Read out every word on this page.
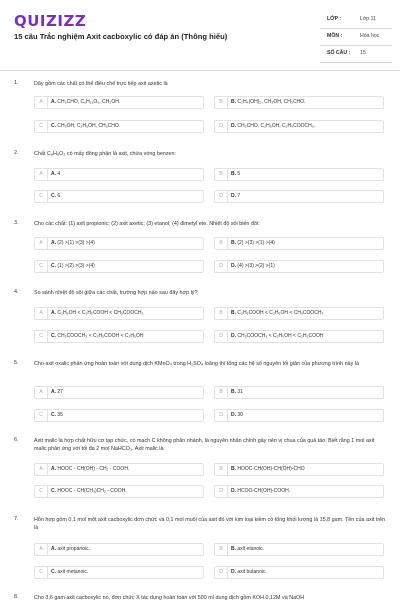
QUIZIZZ
15 câu Trắc nghiệm Axit cacboxylic có đáp án (Thông hiểu)
LỚP :	Lớp 11
MÔN :	Hóa học
SỐ CÂU : 15
1.	Dãy gồm các chất có thể điều chế trực tiếp axit axetic là
A	A. CH₃CHO, C₆H₁₂O₆, CH₃OH.	B	B. C₂H₄(OH)₂, CH₃OH, CH₃CHO.
C	C. CH₃OH, C₂H₅OH, CH₃CHO.	D	D. CH₃CHO, C₂H₅OH, C₂H₅COOCH₃.
2.	Chất C₈H₈O₂ có mấy đồng phân là axit, chứa vòng benzen:
A	A. 4	B	B. 5
C	C. 6	D	D. 7
3.	Cho các chất: (1) axit propionic; (2) axit axetic; (3) etanol; (4) đimetyl ete. Nhiệt độ sôi biến đổi:
A	A. (2) >(1) >(3) >(4)	B	B. (2) >(3) >(1) >(4)
C	C. (1) >(2) >(3) >(4)	D	D. (4) >(3) >(2) >(1)
4.	So sánh nhiệt độ sôi giữa các chất, trường hợp nào sau đây hợp lý?
A	A. C₂H₅OH < C₂H₅COOH < CH₃COOCH₃	B	B. C₂H₅COOH < C₂H₅OH < CH₃COOCH₃
C	C. CH₃COOCH₃ < C₂H₅COOH < C₂H₅OH	D	D. CH₃COOCH₃ < C₂H₅OH < C₂H₅COOH
5.	Cho axit oxalic phản ứng hoàn toàn với dung dịch KMnO₄ trong H₂SO₄ loãng thì tổng các hệ số nguyên tối giản của phương trình này là
A	A. 27	B	B. 31
C	C. 35	D	D. 30
6.	Axit malic là hợp chất hữu cơ tạp chức, có mạch C không phân nhánh, là nguyên nhân chính gây nên vị chua của quả táo. Biết rằng 1 mol axit malic phản ứng với tối đa 2 mol NaHCO₃. Axit malic là
A	A. HOOC - CH(OH) - CH₂ - COOH.	B	B. HOOC-CH(OH)-CH(OH)-CHO
C	C. HOOC - CH(CH₃)CH₂ - COOH.	D	D. HCOO-CH(OH)-COOH.
7.	Hỗn hợp gồm 0,1 mol một axit cacboxylic đơn chức và 0,1 mol muối của axit đó với kim loại kiềm có tổng khối lượng là 15,8 gam. Tên của axit trên là
A	A. axit propanoic.	B	B. axit etanoic.
C	C. axit metanoic.	D	D. axit butanoic.
8.	Cho 3,6 gam axit cacboxylic no, đơn chức X tác dụng hoàn toàn với 500 ml dung dịch gồm KOH 0,12M và NaOH
